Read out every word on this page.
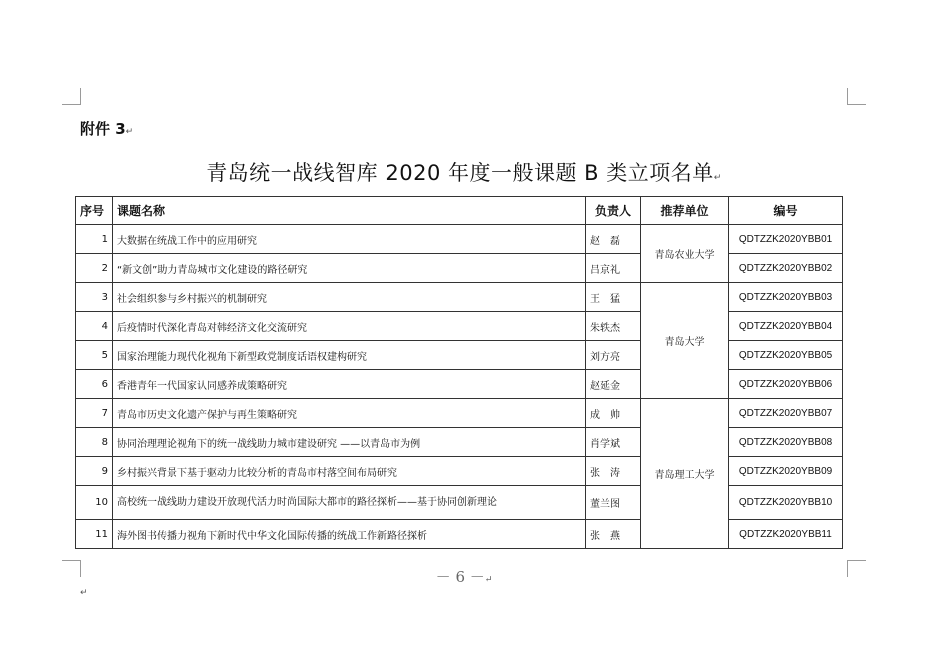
附件 3↵
青岛统一战线智库 2020 年度一般课题 B 类立项名单↵
序号	课题名称	负责人	推荐单位	编号
1	大数据在统战工作中的应用研究	赵　磊	青岛农业大学	QDTZZK2020YBB01
2	“新文创”助力青岛城市文化建设的路径研究	吕京礼		QDTZZK2020YBB02
3	社会组织参与乡村振兴的机制研究	王　猛	青岛大学	QDTZZK2020YBB03
4	后疫情时代深化青岛对韩经济文化交流研究	朱轶杰		QDTZZK2020YBB04
5	国家治理能力现代化视角下新型政党制度话语权建构研究	刘方亮		QDTZZK2020YBB05
6	香港青年一代国家认同感养成策略研究	赵延金		QDTZZK2020YBB06
7	青岛市历史文化遗产保护与再生策略研究	成　帅	青岛理工大学	QDTZZK2020YBB07
8	协同治理理论视角下的统一战线助力城市建设研究 ——以青岛市为例	肖学斌		QDTZZK2020YBB08
9	乡村振兴背景下基于驱动力比较分析的青岛市村落空间布局研究	张　涛		QDTZZK2020YBB09
10	高校统一战线助力建设开放现代活力时尚国际大都市的路径探析——基于协同创新理论	董兰图		QDTZZK2020YBB10
11	海外图书传播力视角下新时代中华文化国际传播的统战工作新路径探析	张　燕		QDTZZK2020YBB11
－ 6 －↵
↵
